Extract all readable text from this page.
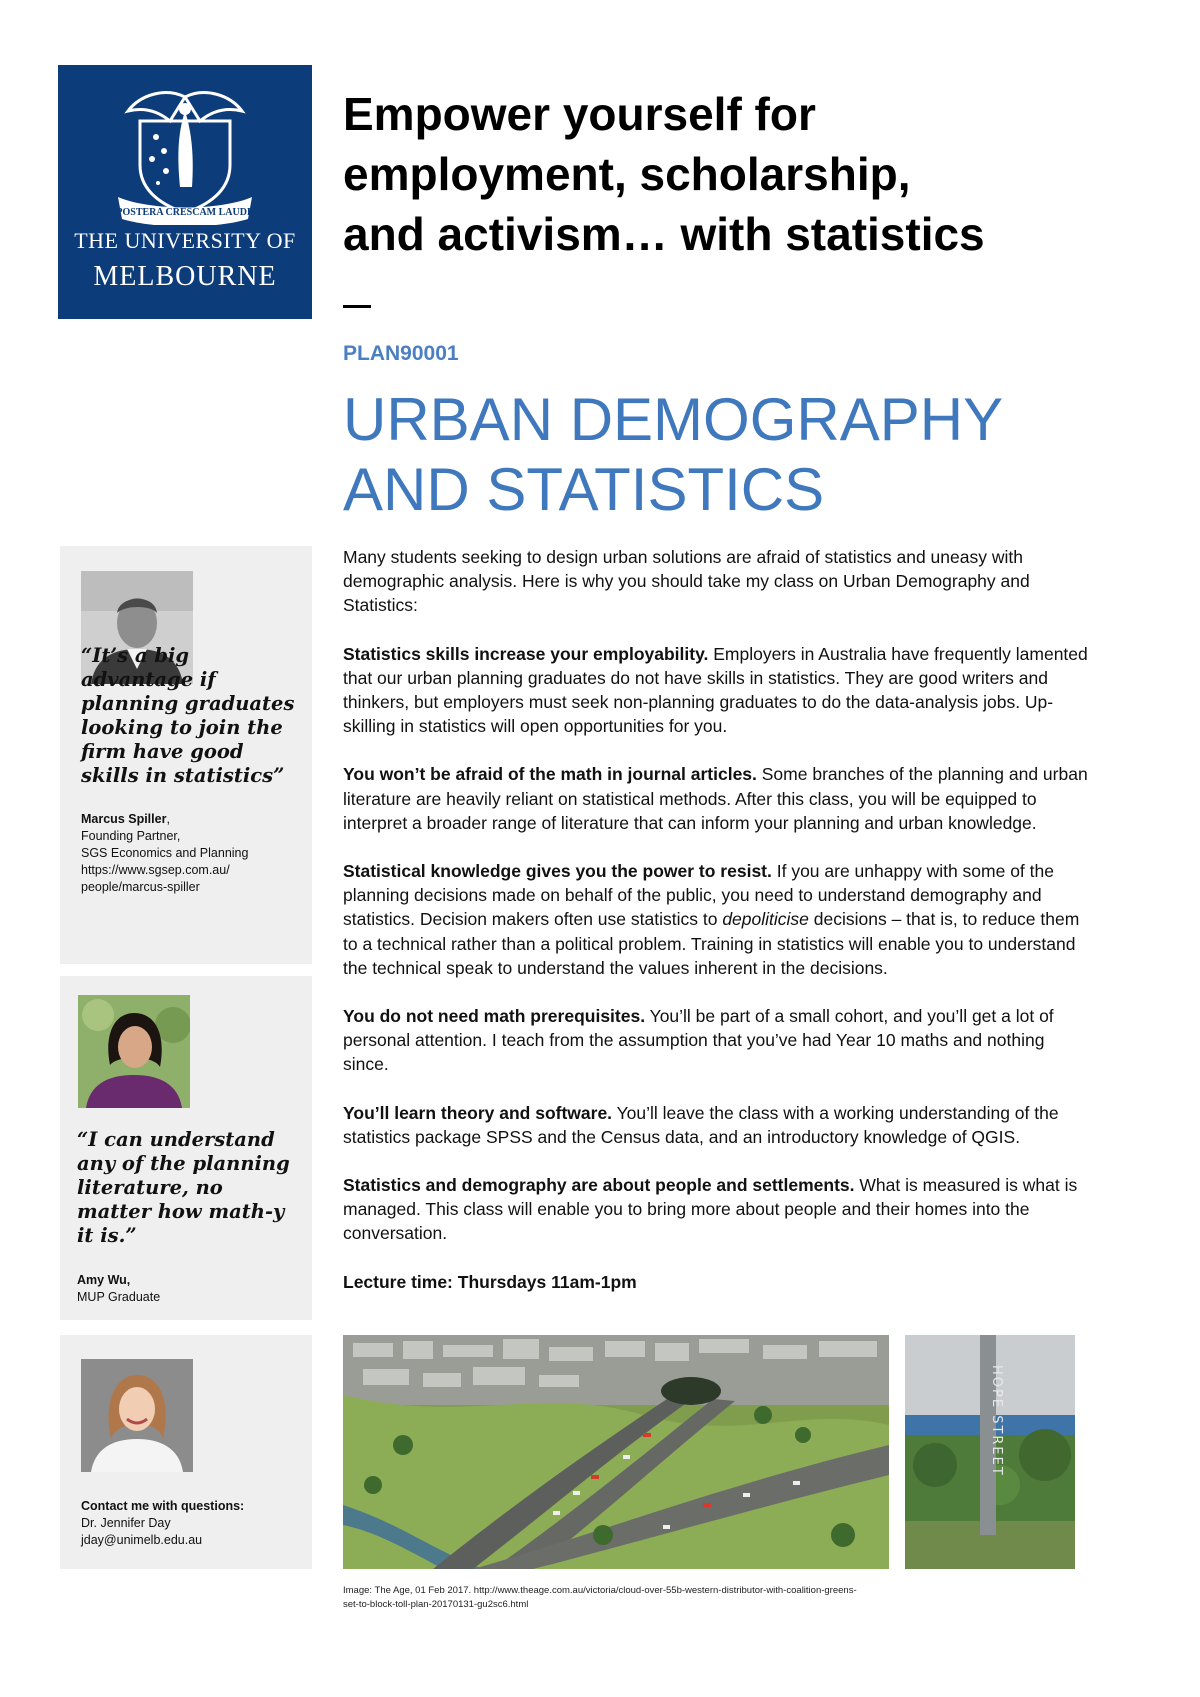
POSTERA CRESCAM LAUDE
THE UNIVERSITY OF
MELBOURNE
Empower yourself for
employment, scholarship,
and activism… with statistics
PLAN90001
URBAN DEMOGRAPHY
AND STATISTICS

Many students seeking to design urban solutions are afraid of statistics and uneasy with demographic analysis. Here is why you should take my class on Urban Demography and Statistics:

Statistics skills increase your employability. Employers in Australia have frequently lamented that our urban planning graduates do not have skills in statistics. They are good writers and thinkers, but employers must seek non-planning graduates to do the data-analysis jobs. Up-skilling in statistics will open opportunities for you.

You won’t be afraid of the math in journal articles. Some branches of the planning and urban literature are heavily reliant on statistical methods. After this class, you will be equipped to interpret a broader range of literature that can inform your planning and urban knowledge.

Statistical knowledge gives you the power to resist. If you are unhappy with some of the planning decisions made on behalf of the public, you need to understand demography and statistics. Decision makers often use statistics to depoliticise decisions – that is, to reduce them to a technical rather than a political problem. Training in statistics will enable you to understand the technical speak to understand the values inherent in the decisions.

You do not need math prerequisites. You’ll be part of a small cohort, and you’ll get a lot of personal attention. I teach from the assumption that you’ve had Year 10 maths and nothing since.

You’ll learn theory and software. You’ll leave the class with a working understanding of the statistics package SPSS and the Census data, and an introductory knowledge of QGIS.

Statistics and demography are about people and settlements. What is measured is what is managed. This class will enable you to bring more about people and their homes into the conversation.

Lecture time: Thursdays 11am-1pm

“It’s a big advantage if planning graduates looking to join the firm have good skills in statistics”
Marcus Spiller,
Founding Partner,
SGS Economics and Planning
https://www.sgsep.com.au/
people/marcus-spiller
“I can understand any of the planning literature, no matter how math-y it is.”
Amy Wu,
MUP Graduate
Contact me with questions:
Dr. Jennifer Day
jday@unimelb.edu.au
HOPE STREET
Image: The Age, 01 Feb 2017. http://www.theage.com.au/victoria/cloud-over-55b-western-distributor-with-coalition-greens-set-to-block-toll-plan-20170131-gu2sc6.html
